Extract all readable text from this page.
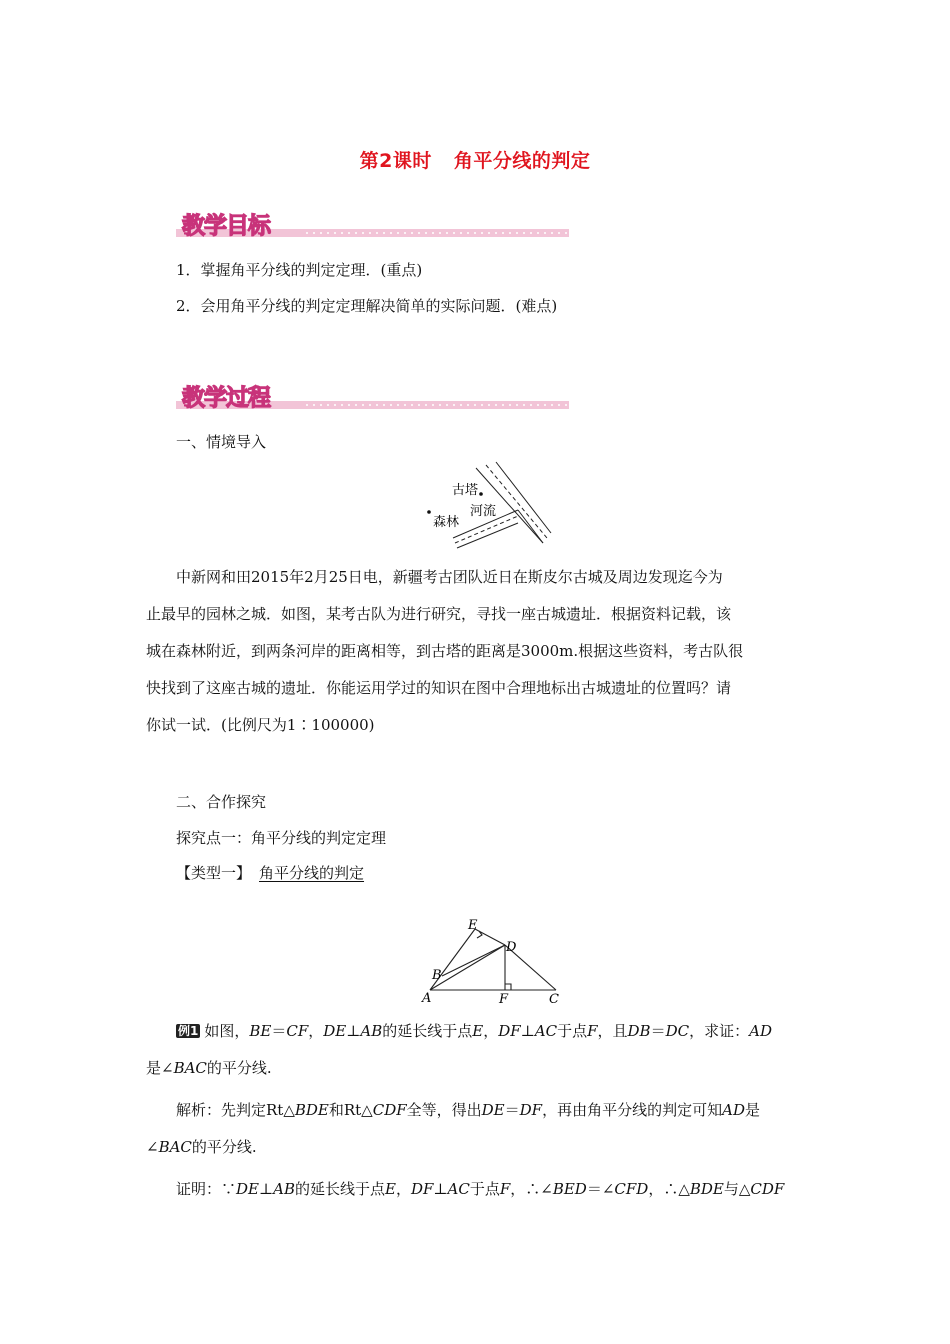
第2课时 角平分线的判定
教学目标
1．掌握角平分线的判定定理．(重点)
2．会用角平分线的判定定理解决简单的实际问题．(难点)
教学过程
一、情境导入
古塔
河流
森林
中新网和田2015年2月25日电，新疆考古团队近日在斯皮尔古城及周边发现迄今为
止最早的园林之城．如图，某考古队为进行研究，寻找一座古城遗址．根据资料记载，该
城在森林附近，到两条河岸的距离相等，到古塔的距离是3000m.根据这些资料，考古队很
快找到了这座古城的遗址．你能运用学过的知识在图中合理地标出古城遗址的位置吗？请
你试一试．(比例尺为1∶100000)
二、合作探究
探究点一：角平分线的判定定理
【类型一】 角平分线的判定
E
D
B
A	F	C
例1 如图，BE＝CF，DE⊥AB的延长线于点E，DF⊥AC于点F，且DB＝DC，求证：AD
是∠BAC的平分线.
解析：先判定Rt△BDE和Rt△CDF全等，得出DE＝DF，再由角平分线的判定可知AD是
∠BAC的平分线.
证明：∵DE⊥AB的延长线于点E，DF⊥AC于点F，∴∠BED＝∠CFD，∴△BDE与△CDF
